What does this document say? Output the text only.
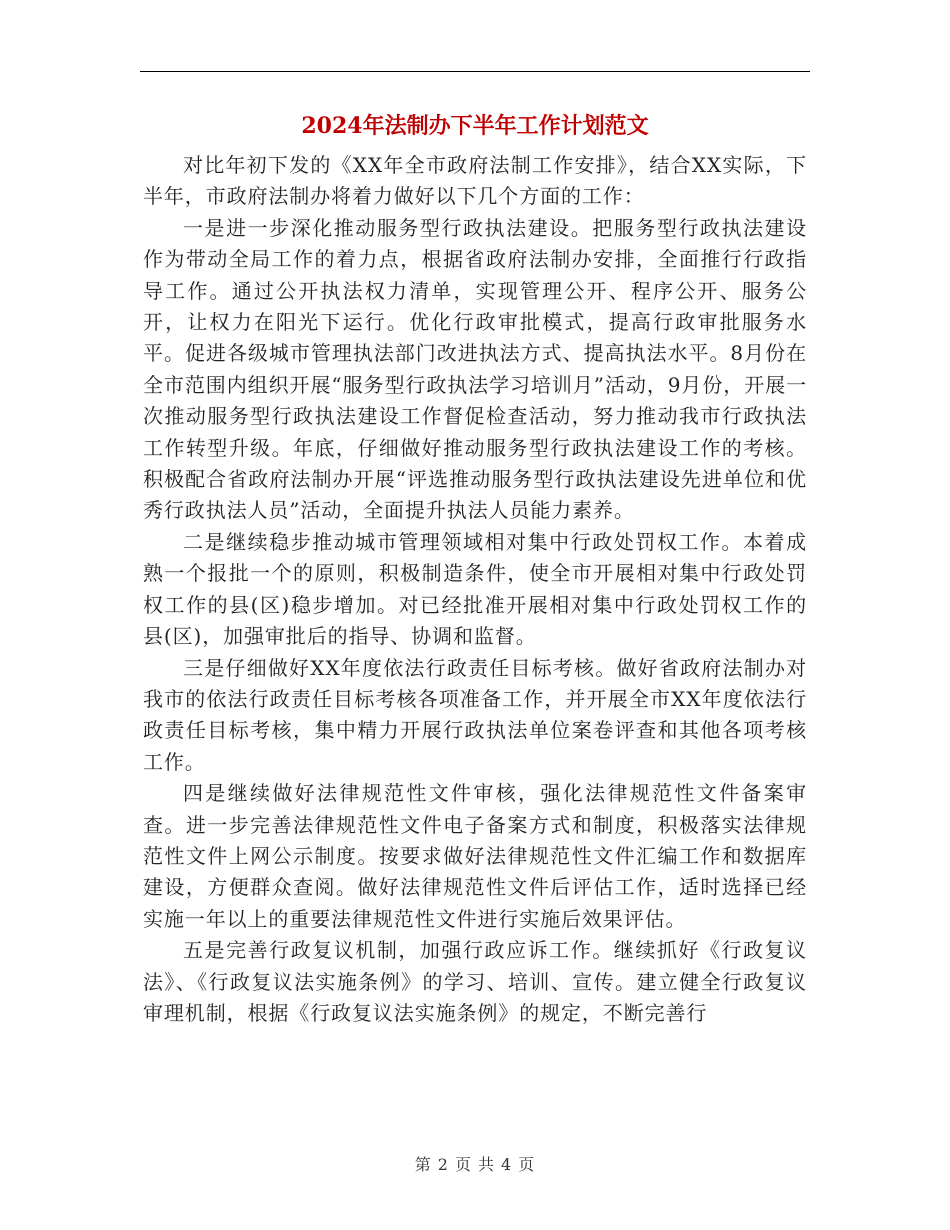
2024年法制办下半年工作计划范文

对比年初下发的《XX年全市政府法制工作安排》，结合XX实际，下半年，市政府法制办将着力做好以下几个方面的工作：

一是进一步深化推动服务型行政执法建设。把服务型行政执法建设作为带动全局工作的着力点，根据省政府法制办安排，全面推行行政指导工作。通过公开执法权力清单，实现管理公开、程序公开、服务公开，让权力在阳光下运行。优化行政审批模式，提高行政审批服务水平。促进各级城市管理执法部门改进执法方式、提高执法水平。8月份在全市范围内组织开展“服务型行政执法学习培训月”活动，9月份，开展一次推动服务型行政执法建设工作督促检查活动，努力推动我市行政执法工作转型升级。年底，仔细做好推动服务型行政执法建设工作的考核。积极配合省政府法制办开展“评选推动服务型行政执法建设先进单位和优秀行政执法人员”活动，全面提升执法人员能力素养。

二是继续稳步推动城市管理领域相对集中行政处罚权工作。本着成熟一个报批一个的原则，积极制造条件，使全市开展相对集中行政处罚权工作的县(区)稳步增加。对已经批准开展相对集中行政处罚权工作的县(区)，加强审批后的指导、协调和监督。

三是仔细做好XX年度依法行政责任目标考核。做好省政府法制办对我市的依法行政责任目标考核各项准备工作，并开展全市XX年度依法行政责任目标考核，集中精力开展行政执法单位案卷评查和其他各项考核工作。

四是继续做好法律规范性文件审核，强化法律规范性文件备案审查。进一步完善法律规范性文件电子备案方式和制度，积极落实法律规范性文件上网公示制度。按要求做好法律规范性文件汇编工作和数据库建设，方便群众查阅。做好法律规范性文件后评估工作，适时选择已经实施一年以上的重要法律规范性文件进行实施后效果评估。

五是完善行政复议机制，加强行政应诉工作。继续抓好《行政复议法》、《行政复议法实施条例》的学习、培训、宣传。建立健全行政复议审理机制，根据《行政复议法实施条例》的规定，不断完善行

第 2 页 共 4 页
